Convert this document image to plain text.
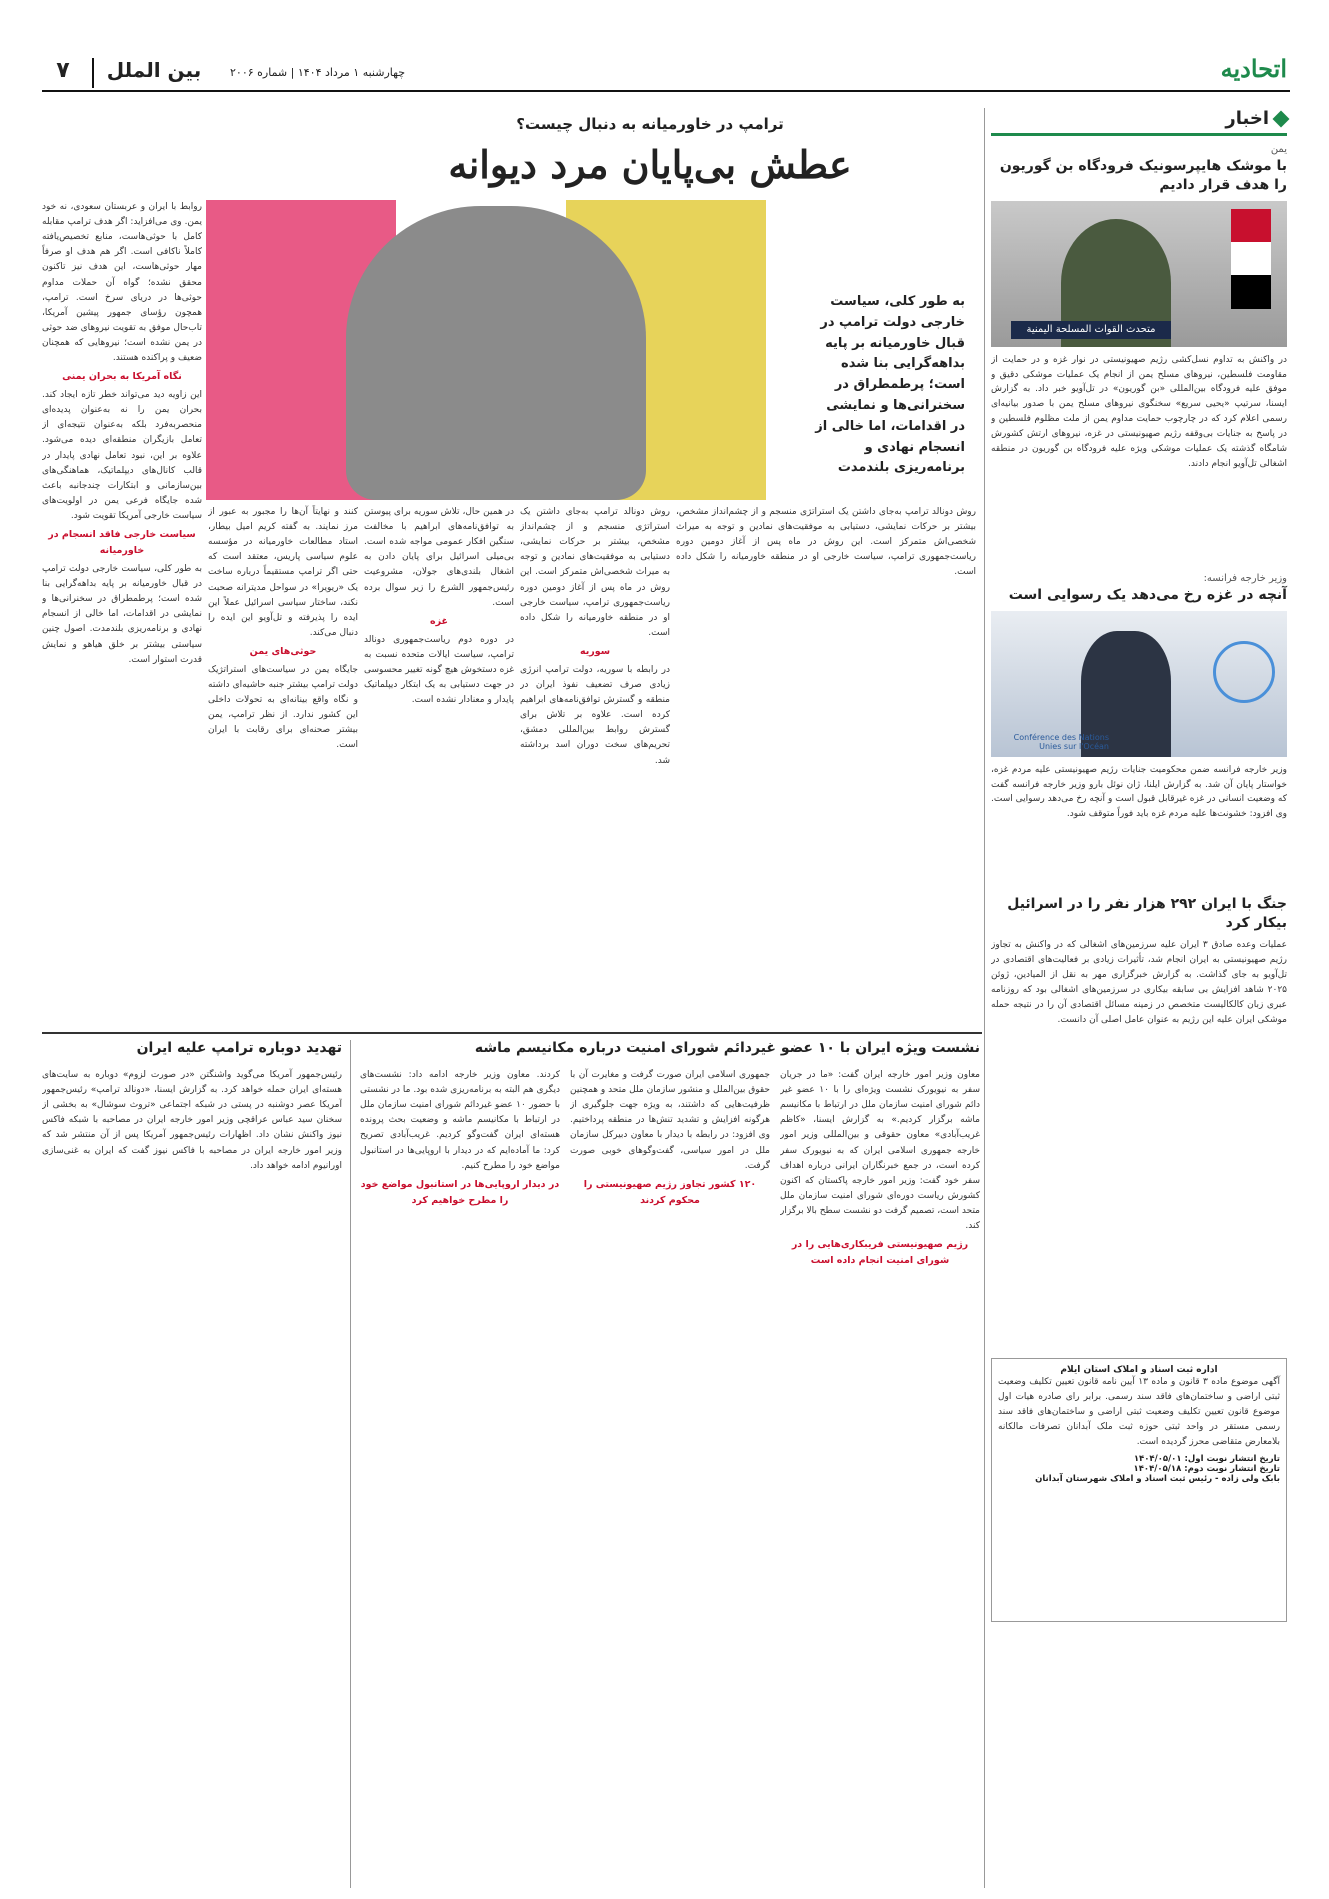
۷	بین الملل	چهارشنبه ۱ مرداد ۱۴۰۴ | شماره ۲۰۰۶	اتحادیه
اخبار
یمن
با موشک هایپرسونیک فرودگاه بن گوریون را هدف قرار دادیم
متحدث القوات المسلحة اليمنية

در واکنش به تداوم نسل‌کشی رژیم صهیونیستی در نوار غزه و در حمایت از مقاومت فلسطین، نیروهای مسلح یمن از انجام یک عملیات موشکی دقیق و موفق علیه فرودگاه بین‌المللی «بن گوریون» در تل‌آویو خبر داد. به گزارش ایسنا، سرتیپ «یحیی سریع» سخنگوی نیروهای مسلح یمن با صدور بیانیه‌ای رسمی اعلام کرد که در چارچوب حمایت مداوم یمن از ملت مظلوم فلسطین و در پاسخ به جنایات بی‌وقفه رژیم صهیونیستی در غزه، نیروهای ارتش کشورش شامگاه گذشته یک عملیات موشکی ویژه علیه فرودگاه بن گوریون در منطقه اشغالی تل‌آویو انجام دادند.

وزیر خارجه فرانسه:
آنچه در غزه رخ می‌دهد یک رسوایی است
Conférence des Nations Unies sur l'Océan

وزیر خارجه فرانسه ضمن محکومیت جنایات رژیم صهیونیستی علیه مردم غزه، خواستار پایان آن شد. به گزارش ایلنا، ژان نوئل بارو وزیر خارجه فرانسه گفت که وضعیت انسانی در غزه غیرقابل قبول است و آنچه رخ می‌دهد رسوایی است. وی افزود: خشونت‌ها علیه مردم غزه باید فوراً متوقف شود.

جنگ با ایران ۲۹۲ هزار نفر را در اسرائیل بیکار کرد

عملیات وعده صادق ۳ ایران علیه سرزمین‌های اشغالی که در واکنش به تجاوز رژیم صهیونیستی به ایران انجام شد، تأثیرات زیادی بر فعالیت‌های اقتصادی در تل‌آویو به جای گذاشت. به گزارش خبرگزاری مهر به نقل از المیادین، ژوئن ۲۰۲۵ شاهد افزایش بی سابقه بیکاری در سرزمین‌های اشغالی بود که روزنامه عبری زبان کالکالیست متخصص در زمینه مسائل اقتصادی آن را در نتیجه حمله موشکی ایران علیه این رژیم به عنوان عامل اصلی آن دانست.

اداره ثبت اسناد و املاک استان ایلام

آگهی موضوع ماده ۳ قانون و ماده ۱۳ آیین نامه قانون تعیین تکلیف وضعیت ثبتی اراضی و ساختمان‌های فاقد سند رسمی. برابر رای صادره هیات اول موضوع قانون تعیین تکلیف وضعیت ثبتی اراضی و ساختمان‌های فاقد سند رسمی مستقر در واحد ثبتی حوزه ثبت ملک آبدانان تصرفات مالکانه بلامعارض متقاضی محرز گردیده است.

تاریخ انتشار نوبت اول: ۱۴۰۴/۰۵/۰۱
تاریخ انتشار نوبت دوم: ۱۴۰۴/۰۵/۱۸
بابک ولی زاده - رئیس ثبت اسناد و املاک شهرستان آبدانان
ترامپ در خاورمیانه به دنبال چیست؟
عطش بی‌پایان مرد دیوانه
به طور کلی، سیاست خارجی دولت ترامپ در قبال خاورمیانه بر پایه بداهه‌گرایی بنا شده است؛ پرطمطراق در سخنرانی‌ها و نمایشی در اقدامات، اما خالی از انسجام نهادی و برنامه‌ریزی بلندمدت
روابط با ایران و عربستان سعودی، نه خود یمن. وی می‌افزاید: اگر هدف ترامپ مقابله کامل با حوثی‌هاست، منابع تخصیص‌یافته کاملاً ناکافی است. اگر هم هدف او صرفاً مهار حوثی‌هاست، این هدف نیز تاکنون محقق نشده؛ گواه آن حملات مداوم حوثی‌ها در دریای سرخ است. ترامپ، همچون رؤسای جمهور پیشین آمریکا، تاب‌حال موفق به تقویت نیروهای ضد حوثی در یمن نشده است؛ نیروهایی که همچنان ضعیف و پراکنده هستند.
نگاه آمریکا به بحران یمنی
این زاویه دید می‌تواند خطر تازه ایجاد کند. بحران یمن را نه به‌عنوان پدیده‌ای منحصربه‌فرد بلکه به‌عنوان نتیجه‌ای از تعامل بازیگران منطقه‌ای دیده می‌شود. علاوه بر این، نبود تعامل نهادی پایدار در قالب کانال‌های دیپلماتیک، هماهنگی‌های بین‌سازمانی و ابتکارات چندجانبه باعث شده جایگاه فرعی یمن در اولویت‌های سیاست خارجی آمریکا تقویت شود.
سیاست خارجی فاقد انسجام در خاورمیانه
به طور کلی، سیاست خارجی دولت ترامپ در قبال خاورمیانه بر پایه بداهه‌گرایی بنا شده است؛ پرطمطراق در سخنرانی‌ها و نمایشی در اقدامات، اما خالی از انسجام نهادی و برنامه‌ریزی بلندمدت. اصول چنین سیاستی بیشتر بر خلق هیاهو و نمایش قدرت استوار است.
کنند و نهایتاً آن‌ها را مجبور به عبور از مرز نمایند. به گفته کریم امیل بیطار، استاد مطالعات خاورمیانه در مؤسسه علوم سیاسی پاریس، معتقد است که حتی اگر ترامپ مستقیماً درباره ساخت یک «ریویرا» در سواحل مدیترانه صحبت نکند، ساختار سیاسی اسرائیل عملاً این ایده را پذیرفته و تل‌آویو این ایده را دنبال می‌کند.
حوثی‌های یمن
جایگاه یمن در سیاست‌های استراتژیک دولت ترامپ بیشتر جنبه حاشیه‌ای داشته و نگاه واقع بینانه‌ای به تحولات داخلی این کشور ندارد. از نظر ترامپ، یمن بیشتر صحنه‌ای برای رقابت با ایران است.
در همین حال، تلاش سوریه برای پیوستن به توافق‌نامه‌های ابراهیم با مخالفت سنگین افکار عمومی مواجه شده است. بی‌میلی اسرائیل برای پایان دادن به اشغال بلندی‌های جولان، مشروعیت رئیس‌جمهور الشرع را زیر سوال برده است.
غزه
در دوره دوم ریاست‌جمهوری دونالد ترامپ، سیاست ایالات متحده نسبت به غزه دستخوش هیچ گونه تغییر محسوسی در جهت دستیابی به یک ابتکار دیپلماتیک پایدار و معنادار نشده است.
روش دونالد ترامپ به‌جای داشتن یک استراتژی منسجم و از چشم‌انداز مشخص، بیشتر بر حرکات نمایشی، دستیابی به موفقیت‌های نمادین و توجه به میراث شخصی‌اش متمرکز است. این روش در ماه پس از آغاز دومین دوره ریاست‌جمهوری ترامپ، سیاست خارجی او در منطقه خاورمیانه را شکل داده است.
سوریه
در رابطه با سوریه، دولت ترامپ انرژی زیادی صرف تضعیف نفوذ ایران در منطقه و گسترش توافق‌نامه‌های ابراهیم کرده است. علاوه بر تلاش برای گسترش روابط بین‌المللی دمشق، تحریم‌های سخت دوران اسد برداشته شد.
روش دونالد ترامپ به‌جای داشتن یک استراتژی منسجم و از چشم‌انداز مشخص، بیشتر بر حرکات نمایشی، دستیابی به موفقیت‌های نمادین و توجه به میراث شخصی‌اش متمرکز است. این روش در ماه پس از آغاز دومین دوره ریاست‌جمهوری ترامپ، سیاست خارجی او در منطقه خاورمیانه را شکل داده است.
تهدید دوباره ترامپ علیه ایران
رئیس‌جمهور آمریکا می‌گوید واشنگتن «در صورت لزوم» دوباره به سایت‌های هسته‌ای ایران حمله خواهد کرد. به گزارش ایسنا، «دونالد ترامپ» رئیس‌جمهور آمریکا عصر دوشنبه در پستی در شبکه اجتماعی «تروث سوشال» به بخشی از سخنان سید عباس عراقچی وزیر امور خارجه ایران در مصاحبه با شبکه فاکس نیوز واکنش نشان داد. اظهارات رئیس‌جمهور آمریکا پس از آن منتشر شد که وزیر امور خارجه ایران در مصاحبه با فاکس نیوز گفت که ایران به غنی‌سازی اورانیوم ادامه خواهد داد.
نشست ویژه ایران با ۱۰ عضو غیردائم شورای امنیت درباره مکانیسم ماشه
کردند. معاون وزیر خارجه ادامه داد: نشست‌های دیگری هم البته به برنامه‌ریزی شده بود. ما در نشستی با حضور ۱۰ عضو غیردائم شورای امنیت سازمان ملل در ارتباط با مکانیسم ماشه و وضعیت بحث پرونده هسته‌ای ایران گفت‌وگو کردیم. غریب‌آبادی تصریح کرد: ما آماده‌ایم که در دیدار با اروپایی‌ها در استانبول مواضع خود را مطرح کنیم.
در دیدار اروپایی‌ها در استانبول مواضع خود را مطرح خواهیم کرد
جمهوری اسلامی ایران صورت گرفت و مغایرت آن با حقوق بین‌الملل و منشور سازمان ملل متحد و همچنین ظرفیت‌هایی که داشتند، به ویژه جهت جلوگیری از هرگونه افزایش و تشدید تنش‌ها در منطقه پرداختیم. وی افزود: در رابطه با دیدار با معاون دبیرکل سازمان ملل در امور سیاسی، گفت‌وگوهای خوبی صورت گرفت.
۱۲۰ کشور تجاوز رژیم صهیونیستی را محکوم کردند
معاون وزیر امور خارجه ایران گفت: «ما در جریان سفر به نیویورک نشست ویژه‌ای را با ۱۰ عضو غیر دائم شورای امنیت سازمان ملل در ارتباط با مکانیسم ماشه برگزار کردیم.» به گزارش ایسنا، «کاظم غریب‌آبادی» معاون حقوقی و بین‌المللی وزیر امور خارجه جمهوری اسلامی ایران که به نیویورک سفر کرده است، در جمع خبرنگاران ایرانی درباره اهداف سفر خود گفت: وزیر امور خارجه پاکستان که اکنون کشورش ریاست دوره‌ای شورای امنیت سازمان ملل متحد است، تصمیم گرفت دو نشست سطح بالا برگزار کند.
رژیم صهیونیستی فریبکاری‌هایی را در شورای امنیت انجام داده است
